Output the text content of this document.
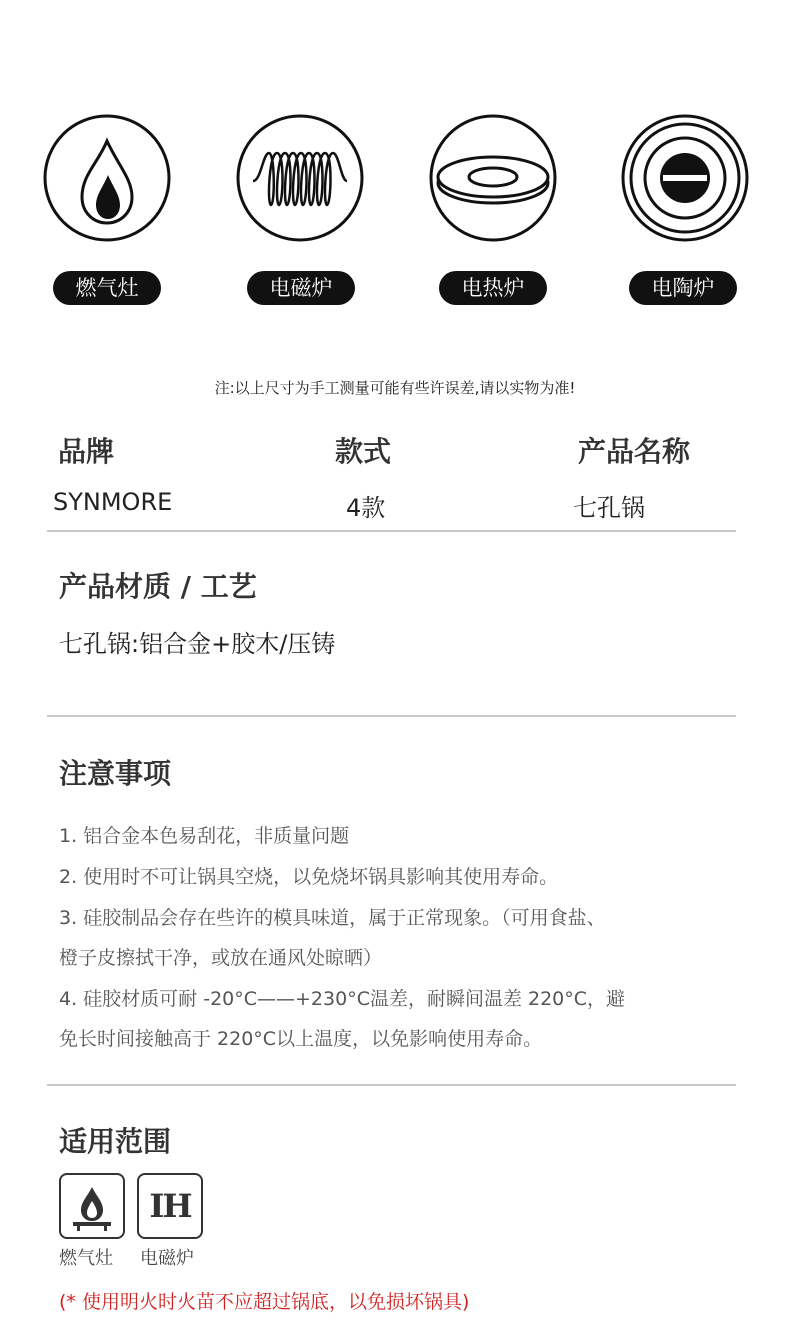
燃气灶	电磁炉	电热炉	电陶炉
注:以上尺寸为手工测量可能有些许误差,请以实物为准!
品牌	款式	产品名称
SYNMORE	4款	七孔锅
产品材质 / 工艺
七孔锅:铝合金+胶木/压铸
注意事项
1. 铝合金本色易刮花，非质量问题
2. 使用时不可让锅具空烧，以免烧坏锅具影响其使用寿命。
3. 硅胶制品会存在些许的模具味道，属于正常现象。（可用食盐、
橙子皮擦拭干净，或放在通风处晾晒）
4. 硅胶材质可耐 -20°C——+230°C温差，耐瞬间温差 220°C，避
免长时间接触高于 220°C以上温度，以免影响使用寿命。
适用范围
IH
燃气灶 电磁炉
(* 使用明火时火苗不应超过锅底，以免损坏锅具)
